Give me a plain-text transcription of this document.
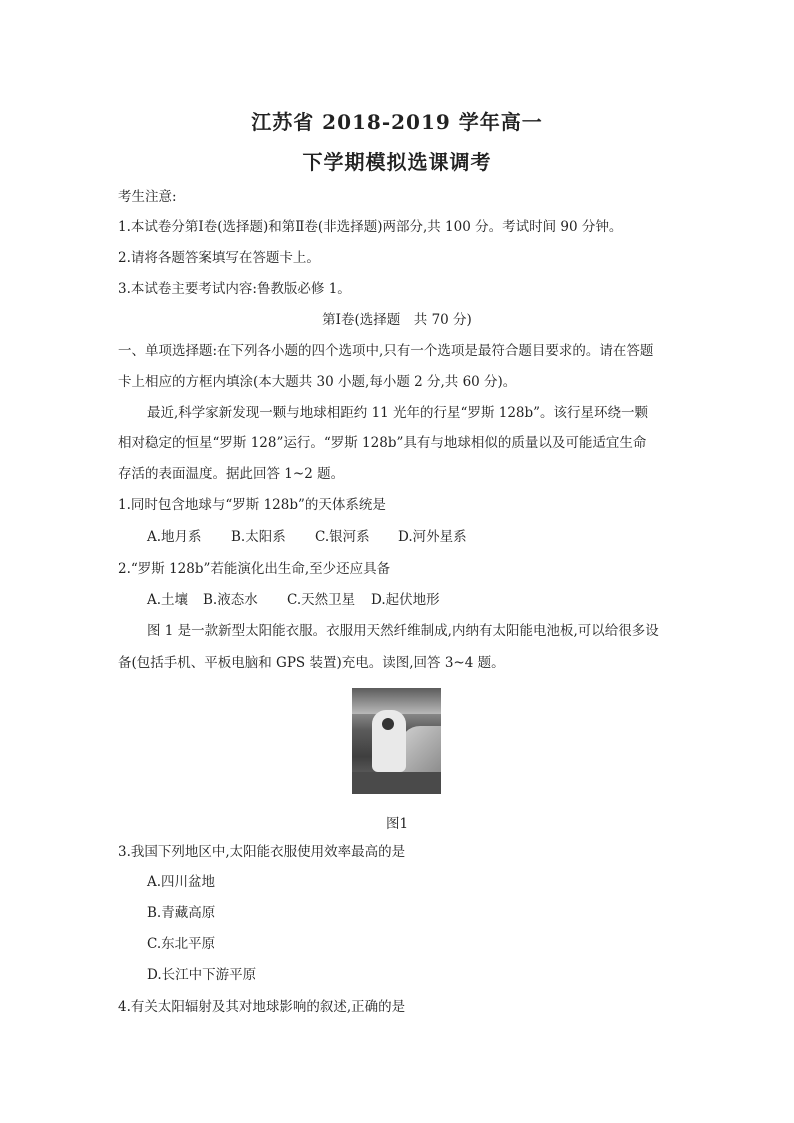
江苏省 2018-2019 学年高一
下学期模拟选课调考
考生注意:
1.本试卷分第Ⅰ卷(选择题)和第Ⅱ卷(非选择题)两部分,共 100 分。考试时间 90 分钟。
2.请将各题答案填写在答题卡上。
3.本试卷主要考试内容:鲁教版必修 1。
第Ⅰ卷(选择题　共 70 分)
一、单项选择题:在下列各小题的四个选项中,只有一个选项是最符合题目要求的。请在答题
卡上相应的方框内填涂(本大题共 30 小题,每小题 2 分,共 60 分)。
最近,科学家新发现一颗与地球相距约 11 光年的行星“罗斯 128b”。该行星环绕一颗
相对稳定的恒星“罗斯 128”运行。“罗斯 128b”具有与地球相似的质量以及可能适宜生命
存活的表面温度。据此回答 1~2 题。
1.同时包含地球与“罗斯 128b”的天体系统是
A.地月系 B.太阳系 C.银河系 D.河外星系
2.“罗斯 128b”若能演化出生命,至少还应具备
A.土壤 B.液态水 C.天然卫星 D.起伏地形
图 1 是一款新型太阳能衣服。衣服用天然纤维制成,内纳有太阳能电池板,可以给很多设
备(包括手机、平板电脑和 GPS 装置)充电。读图,回答 3~4 题。
图1
3.我国下列地区中,太阳能衣服使用效率最高的是
A.四川盆地
B.青藏高原
C.东北平原
D.长江中下游平原
4.有关太阳辐射及其对地球影响的叙述,正确的是
